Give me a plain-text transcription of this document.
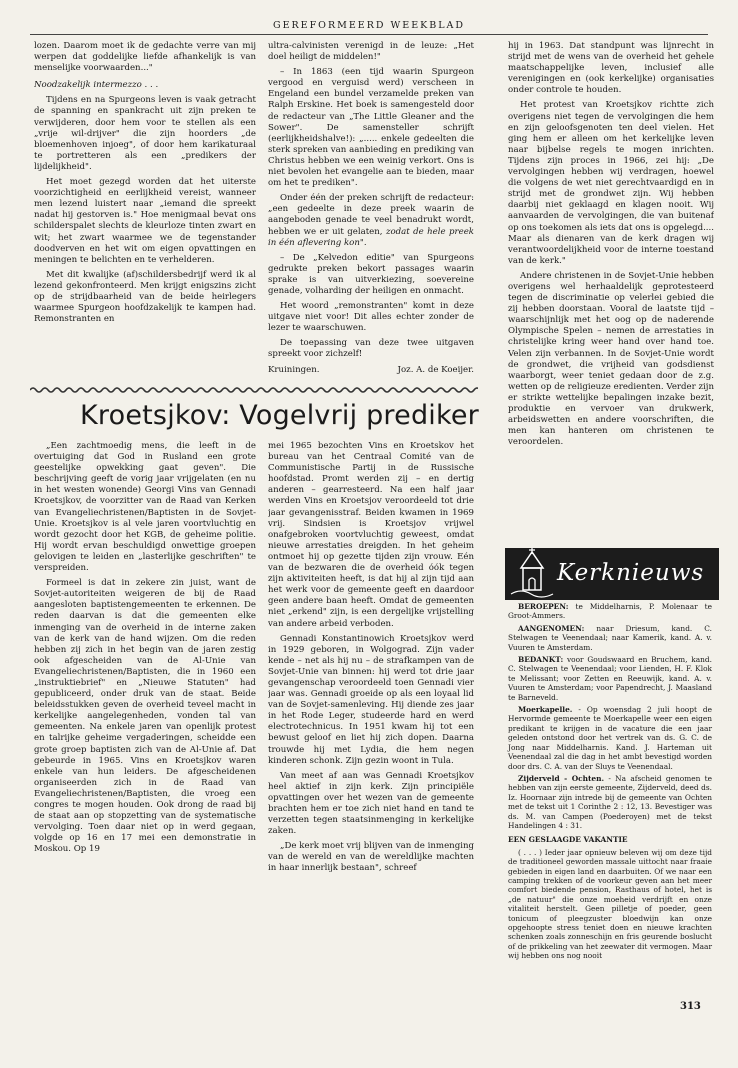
GEREFORMEERD WEEKBLAD

lozen. Daarom moet ik de gedachte verre van mij werpen dat goddelijke liefde afhankelijk is van menselijke voorwaarden..."

Noodzakelijk intermezzo . . .

Tijdens en na Spurgeons leven is vaak getracht de spanning en spankracht uit zijn preken te verwijderen, door hem voor te stellen als een „vrije wil-drijver" die zijn hoorders „de bloemenhoven injoeg", of door hem karikaturaal te portretteren als een „predikers der lijdelijkheid".

Het moet gezegd worden dat het uiterste voorzichtigheid en eerlijkheid vereist, wanneer men lezend luistert naar „iemand die spreekt nadat hij gestorven is." Hoe menigmaal bevat ons schilderspalet slechts de kleurloze tinten zwart en wit; het zwart waarmee we de tegenstander doodverven en het wit om eigen opvattingen en meningen te belichten en te verhelderen.

Met dit kwalijke (af)schildersbedrijf werd ik al lezend gekonfronteerd. Men krijgt enigszins zicht op de strijdbaarheid van de beide heirlegers waarmee Spurgeon hoofdzakelijk te kampen had. Remonstranten en

ultra-calvinisten verenigd in de leuze: „Het doel heiligt de middelen!"

– In 1863 (een tijd waarin Spurgeon vergood en verguisd werd) verscheen in Engeland een bundel verzamelde preken van Ralph Erskine. Het boek is samengesteld door de redacteur van „The Little Gleaner and the Sower". De samensteller schrijft (eerlijkheidshalve!): „..... enkele gedeelten die sterk spreken van aanbieding en prediking van Christus hebben we een weinig verkort. Ons is niet bevolen het evangelie aan te bieden, maar om het te prediken".

Onder één der preken schrijft de redacteur: „een gedeelte in deze preek waarin de aangeboden genade te veel benadrukt wordt, hebben we er uit gelaten, zodat de hele preek in één aflevering kon".

– De „Kelvedon editie" van Spurgeons gedrukte preken bekort passages waarin sprake is van uitverkiezing, soevereine genade, volharding der heiligen en onmacht.

Het woord „remonstranten" komt in deze uitgave niet voor! Dit alles echter zonder de lezer te waarschuwen.

De toepassing van deze twee uitgaven spreekt voor zichzelf!

Kruiningen.	Joz. A. de Koeijer.

hij in 1963. Dat standpunt was lijnrecht in strijd met de wens van de overheid het gehele maatschappelijke leven, inclusief alle verenigingen en (ook kerkelijke) organisaties onder controle te houden.

Het protest van Kroetsjkov richtte zich overigens niet tegen de vervolgingen die hem en zijn geloofsgenoten ten deel vielen. Het ging hem er alleen om het kerkelijke leven naar bijbelse regels te mogen inrichten. Tijdens zijn proces in 1966, zei hij: „De vervolgingen hebben wij verdragen, hoewel die volgens de wet niet gerechtvaardigd en in strijd met de grondwet zijn. Wij hebben daarbij niet geklaagd en klagen nooit. Wij aanvaarden de vervolgingen, die van buitenaf op ons toekomen als iets dat ons is opgelegd.... Maar als dienaren van de kerk dragen wij verantwoordelijkheid voor de interne toestand van de kerk."

Andere christenen in de Sovjet-Unie hebben overigens wel herhaaldelijk geprotesteerd tegen de discriminatie op velerlei gebied die zij hebben doorstaan. Vooral de laatste tijd – waarschijnlijk met het oog op de naderende Olympische Spelen – nemen de arrestaties in christelijke kring weer hand over hand toe. Velen zijn verbannen. In de Sovjet-Unie wordt de grondwet, die vrijheid van godsdienst waarborgt, weer teniet gedaan door de z.g. wetten op de religieuze eredienten. Verder zijn er strikte wettelijke bepalingen inzake bezit, produktie en vervoer van drukwerk, arbeidswetten en andere voorschriften, die men kan hanteren om christenen te veroordelen.

Kroetsjkov: Vogelvrij prediker

„Een zachtmoedig mens, die leeft in de overtuiging dat God in Rusland een grote geestelijke opwekking gaat geven". Die beschrijving geeft de vorig jaar vrijgelaten (en nu in het westen wonende) Georgi Vins van Gennadi Kroetsjkov, de voorzitter van de Raad van Kerken van Evangeliechristenen/Baptisten in de Sovjet-Unie. Kroetsjkov is al vele jaren voortvluchtig en wordt gezocht door het KGB, de geheime politie. Hij wordt ervan beschuldigd onwettige groepen gelovigen te leiden en „lasterlijke geschriften" te verspreiden.

Formeel is dat in zekere zin juist, want de Sovjet-autoriteiten weigeren de bij de Raad aangesloten baptistengemeenten te erkennen. De reden daarvan is dat die gemeenten elke inmenging van de overheid in de interne zaken van de kerk van de hand wijzen. Om die reden hebben zij zich in het begin van de jaren zestig ook afgescheiden van de Al-Unie van Evangeliechristenen/Baptisten, die in 1960 een „instruktiebrief" en „Nieuwe Statuten" had gepubliceerd, onder druk van de staat. Beide beleidsstukken geven de overheid teveel macht in kerkelijke aangelegenheden, vonden tal van gemeenten. Na enkele jaren van openlijk protest en talrijke geheime vergaderingen, scheidde een grote groep baptisten zich van de Al-Unie af. Dat gebeurde in 1965. Vins en Kroetsjkov waren enkele van hun leiders. De afgescheidenen organiseerden zich in de Raad van Evangeliechristenen/Baptisten, die vroeg een congres te mogen houden. Ook drong de raad bij de staat aan op stopzetting van de systematische vervolging. Toen daar niet op in werd gegaan, volgde op 16 en 17 mei een demonstratie in Moskou. Op 19

mei 1965 bezochten Vins en Kroetskov het bureau van het Centraal Comité van de Communistische Partij in de Russische hoofdstad. Promt werden zij – en dertig anderen – gearresteerd. Na een half jaar werden Vins en Kroetsjov veroordeeld tot drie jaar gevangenisstraf. Beiden kwamen in 1969 vrij. Sindsien is Kroetsjov vrijwel onafgebroken voortvluchtig geweest, omdat nieuwe arrestaties dreigden. In het geheim ontmoet hij op gezette tijden zijn vrouw. Eén van de bezwaren die de overheid óók tegen zijn aktiviteiten heeft, is dat hij al zijn tijd aan het werk voor de gemeente geeft en daardoor geen andere baan heeft. Omdat de gemeenten niet „erkend" zijn, is een dergelijke vrijstelling van andere arbeid verboden.

Gennadi Konstantinowich Kroetsjkov werd in 1929 geboren, in Wolgograd. Zijn vader kende – net als hij nu – de strafkampen van de Sovjet-Unie van binnen: hij werd tot drie jaar gevangenschap veroordeeld toen Gennadi vier jaar was. Gennadi groeide op als een loyaal lid van de Sovjet-samenleving. Hij diende zes jaar in het Rode Leger, studeerde hard en werd electrotechnicus. In 1951 kwam hij tot een bewust geloof en liet hij zich dopen. Daarna trouwde hij met Lydia, die hem negen kinderen schonk. Zijn gezin woont in Tula.

Van meet af aan was Gennadi Kroetsjkov heel aktief in zijn kerk. Zijn principiële opvattingen over het wezen van de gemeente brachten hem er toe zich niet hand en tand te verzetten tegen staatsinmenging in kerkelijke zaken.

„De kerk moet vrij blijven van de inmenging van de wereld en van de wereldlijke machten in haar innerlijk bestaan", schreef

Kerknieuws

BEROEPEN: te Middelharnis, P. Molenaar te Groot-Ammers.

AANGENOMEN: naar Driesum, kand. C. Stelwagen te Veenendaal; naar Kamerik, kand. A. v. Vuuren te Amsterdam.

BEDANKT: voor Goudswaard en Bruchem, kand. C. Stelwagen te Veenendaal; voor Lienden, H. F. Klok te Melissant; voor Zetten en Reeuwijk, kand. A. v. Vuuren te Amsterdam; voor Papendrecht, J. Maasland te Barneveld.

Moerkapelle. - Op woensdag 2 juli hoopt de Hervormde gemeente te Moerkapelle weer een eigen predikant te krijgen in de vacature die een jaar geleden ontstond door het vertrek van ds. G. C. de Jong naar Middelharnis. Kand. J. Harteman uit Veenendaal zal die dag in het ambt bevestigd worden door drs. C. A. van der Sluys te Veenendaal.

Zijderveld - Ochten. - Na afscheid genomen te hebben van zijn eerste gemeente, Zijderveld, deed ds. Iz. Hoornaar zijn intrede bij de gemeente van Ochten met de tekst uit 1 Corinthe 2 : 12, 13. Bevestiger was ds. M. van Campen (Poederoyen) met de tekst Handelingen 4 : 31.

EEN GESLAAGDE VAKANTIE

( . . . ) Ieder jaar opnieuw beleven wij om deze tijd de traditioneel geworden massale uittocht naar fraaie gebieden in eigen land en daarbuiten. Of we naar een camping trekken of de voorkeur geven aan het meer comfort biedende pension, Rasthaus of hotel, het is „de natuur" die onze moeheid verdrijft en onze vitaliteit herstelt. Geen pilletje of poeder, geen tonicum of pleegzuster bloedwijn kan onze opgehoopte stress teniet doen en nieuwe krachten schenken zoals zonneschijn en fris geurende boslucht of de prikkeling van het zeewater dit vermogen. Maar wij hebben ons nog nooit

313
